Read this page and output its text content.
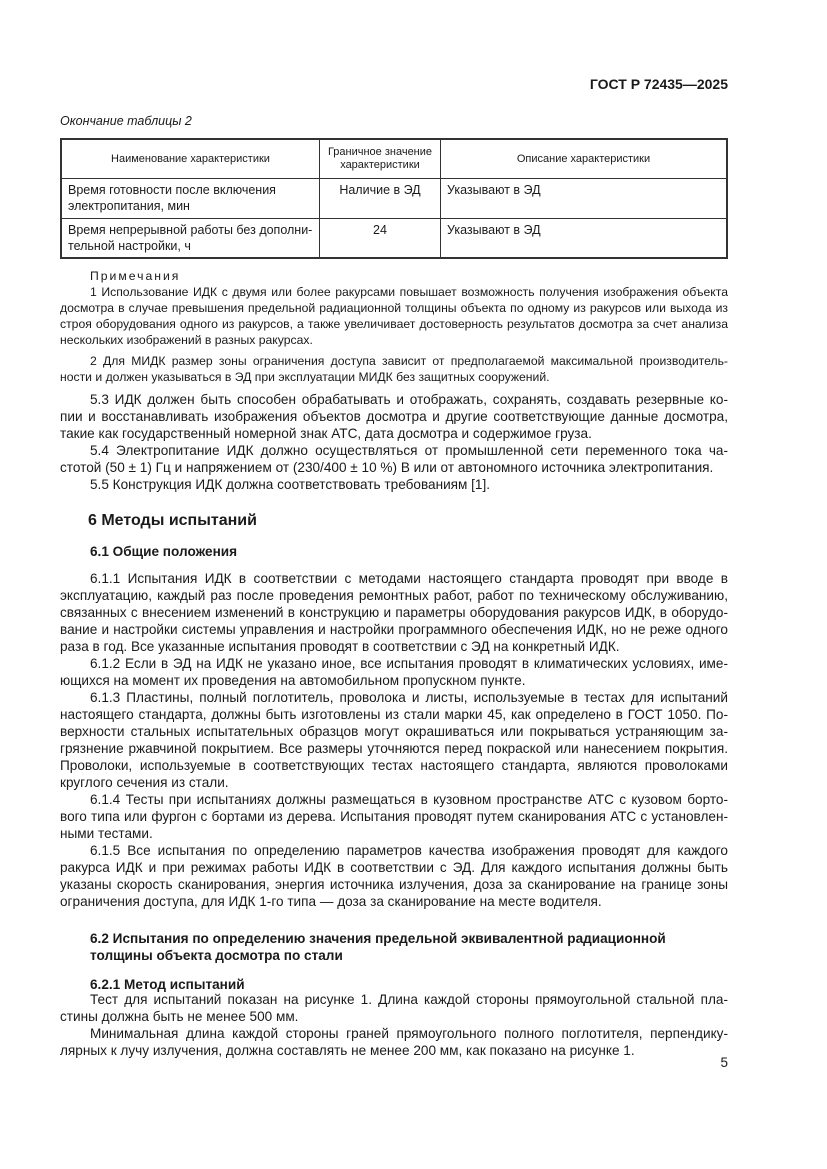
ГОСТ Р 72435—2025
Окончание таблицы 2
Наименование характеристики	Граничное значение характеристики	Описание характеристики
Время готовности после включения электропитания, мин	Наличие в ЭД	Указывают в ЭД
Время непрерывной работы без дополни-тельной настройки, ч	24	Указывают в ЭД

Примечания

1 Использование ИДК с двумя или более ракурсами повышает возможность получения изображения объекта досмотра в случае превышения предельной радиационной толщины объекта по одному из ракурсов или выхода из строя оборудования одного из ракурсов, а также увеличивает достоверность результатов досмотра за счет анализа нескольких изображений в разных ракурсах.

2 Для МИДК размер зоны ограничения доступа зависит от предполагаемой максимальной производитель-ности и должен указываться в ЭД при эксплуатации МИДК без защитных сооружений.

5.3 ИДК должен быть способен обрабатывать и отображать, сохранять, создавать резервные ко-пии и восстанавливать изображения объектов досмотра и другие соответствующие данные досмотра, такие как государственный номерной знак АТС, дата досмотра и содержимое груза.

5.4 Электропитание ИДК должно осуществляться от промышленной сети переменного тока ча-стотой (50 ± 1) Гц и напряжением от (230/400 ± 10 %) В или от автономного источника электропитания.

5.5 Конструкция ИДК должна соответствовать требованиям [1].

6 Методы испытаний
6.1 Общие положения

6.1.1 Испытания ИДК в соответствии с методами настоящего стандарта проводят при вводе в эксплуатацию, каждый раз после проведения ремонтных работ, работ по техническому обслуживанию, связанных с внесением изменений в конструкцию и параметры оборудования ракурсов ИДК, в оборудо-вание и настройки системы управления и настройки программного обеспечения ИДК, но не реже одного раза в год. Все указанные испытания проводят в соответствии с ЭД на конкретный ИДК.

6.1.2 Если в ЭД на ИДК не указано иное, все испытания проводят в климатических условиях, име-ющихся на момент их проведения на автомобильном пропускном пункте.

6.1.3 Пластины, полный поглотитель, проволока и листы, используемые в тестах для испытаний настоящего стандарта, должны быть изготовлены из стали марки 45, как определено в ГОСТ 1050. По-верхности стальных испытательных образцов могут окрашиваться или покрываться устраняющим за-грязнение ржавчиной покрытием. Все размеры уточняются перед покраской или нанесением покрытия. Проволоки, используемые в соответствующих тестах настоящего стандарта, являются проволоками круглого сечения из стали.

6.1.4 Тесты при испытаниях должны размещаться в кузовном пространстве АТС с кузовом борто-вого типа или фургон с бортами из дерева. Испытания проводят путем сканирования АТС с установлен-ными тестами.

6.1.5 Все испытания по определению параметров качества изображения проводят для каждого ракурса ИДК и при режимах работы ИДК в соответствии с ЭД. Для каждого испытания должны быть указаны скорость сканирования, энергия источника излучения, доза за сканирование на границе зоны ограничения доступа, для ИДК 1-го типа — доза за сканирование на месте водителя.

6.2 Испытания по определению значения предельной эквивалентной радиационной толщины объекта досмотра по стали
6.2.1 Метод испытаний

Тест для испытаний показан на рисунке 1. Длина каждой стороны прямоугольной стальной пла-стины должна быть не менее 500 мм.

Минимальная длина каждой стороны граней прямоугольного полного поглотителя, перпендику-лярных к лучу излучения, должна составлять не менее 200 мм, как показано на рисунке 1.

5
